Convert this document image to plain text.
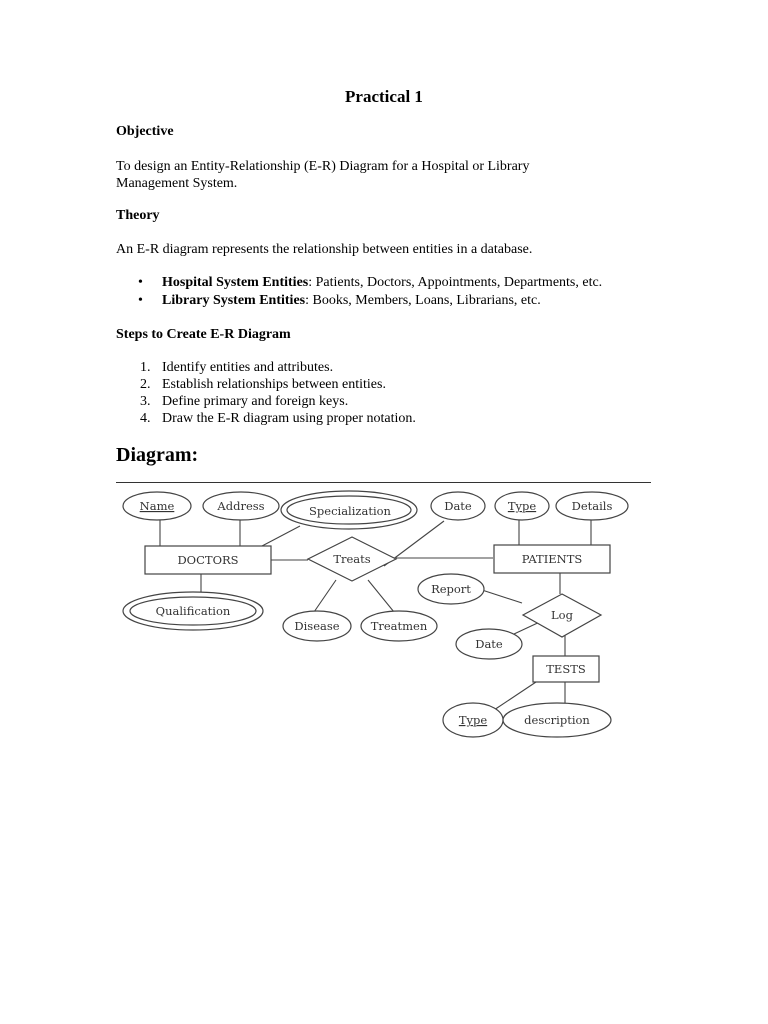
Practical 1
Objective
To design an Entity-Relationship (E-R) Diagram for a Hospital or Library
Management System.
Theory
An E-R diagram represents the relationship between entities in a database.
• Hospital System Entities: Patients, Doctors, Appointments, Departments, etc.
• Library System Entities: Books, Members, Loans, Librarians, etc.
Steps to Create E-R Diagram
1. Identify entities and attributes.
2. Establish relationships between entities.
3. Define primary and foreign keys.
4. Draw the E-R diagram using proper notation.
Diagram:
Name	Address	Specialization	Date	Type	Details
DOCTORS	Treats	PATIENTS
Qualification
Report
Log
Disease	Treatmen
Date
TESTS
Type	description
